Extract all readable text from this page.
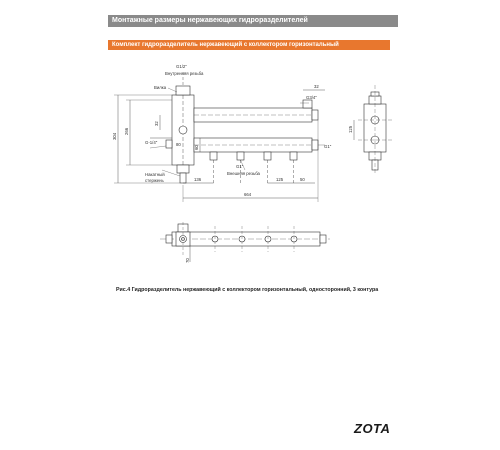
Монтажные размеры нержавеющих гидроразделителей
Комплект гидроразделитель нержавеющий с коллектором горизонтальный
G1/2"
Внутренняя резьба
Вилка
G3/4"
G1"
G-1/4"
G1"
Внешняя резьба
Накатный
стержень
304
266
32
80
60
136	125	50
664
32
125
70
Рис.4 Гидроразделитель нержавеющий с коллектором горизонтальный, односторонний, 3 контура
ZOTA
